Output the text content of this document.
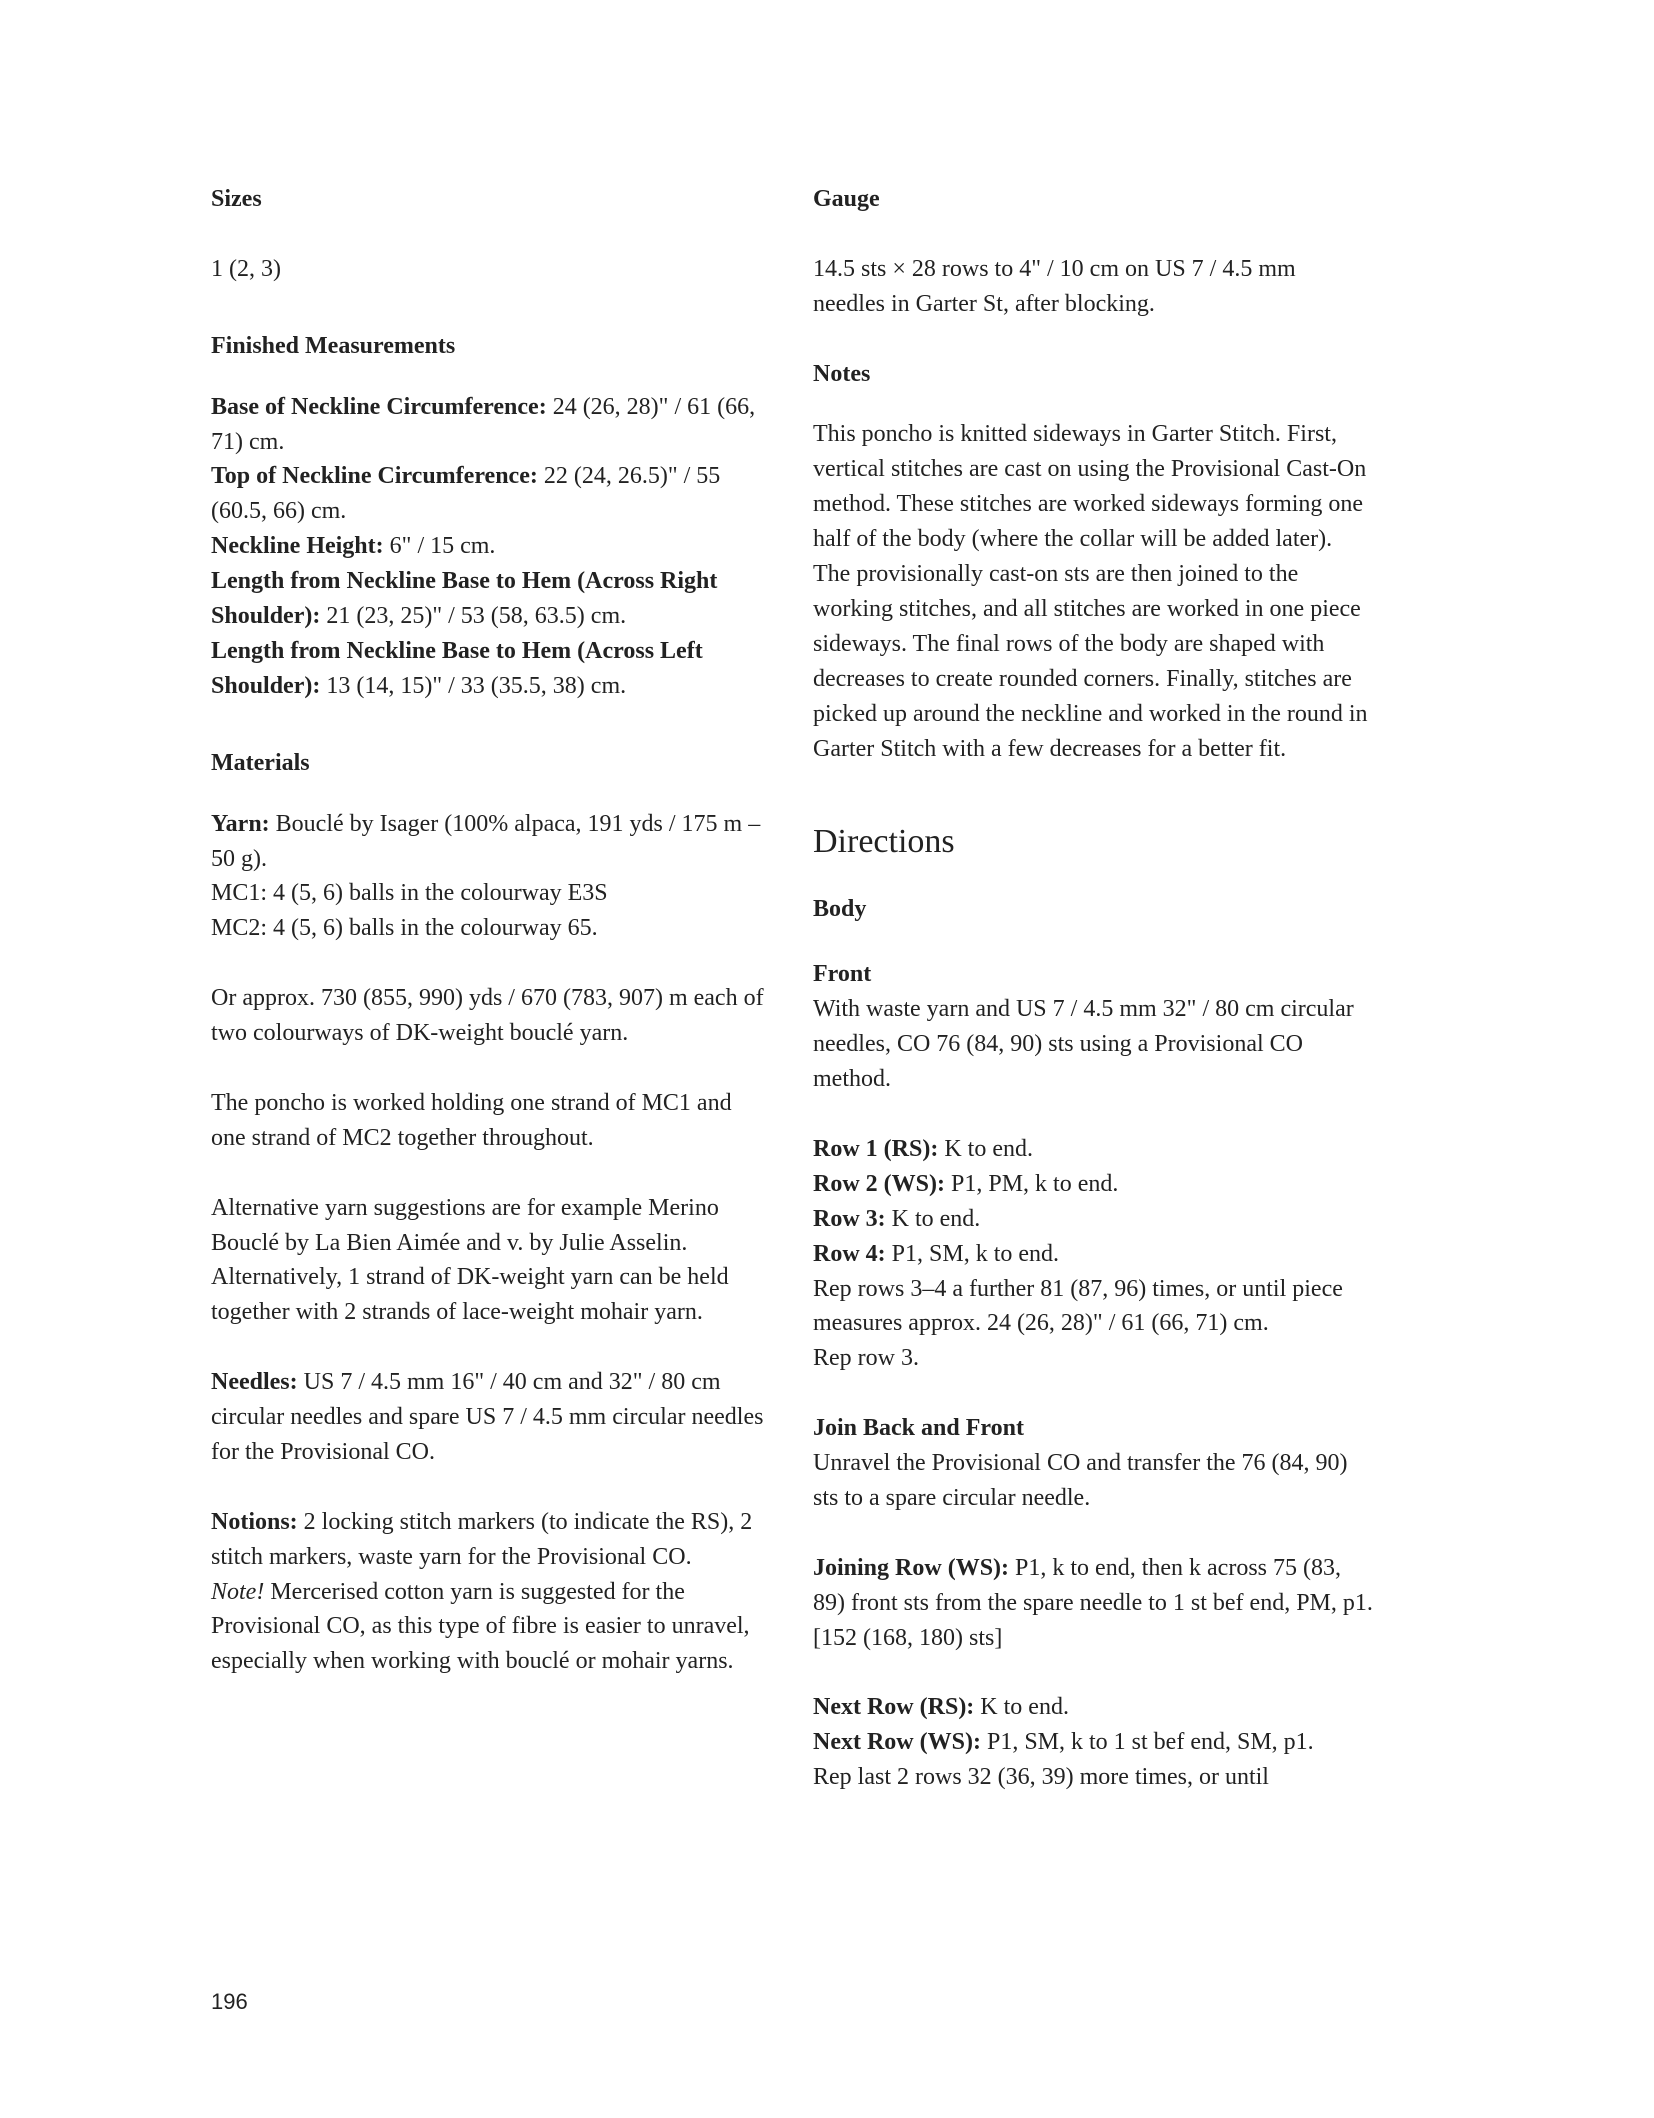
Sizes

1 (2, 3)

Finished Measurements

Base of Neckline Circumference: 24 (26, 28)" / 61 (66, 71) cm.

Top of Neckline Circumference: 22 (24, 26.5)" / 55 (60.5, 66) cm.

Neckline Height: 6" / 15 cm.

Length from Neckline Base to Hem (Across Right Shoulder): 21 (23, 25)" / 53 (58, 63.5) cm.

Length from Neckline Base to Hem (Across Left Shoulder): 13 (14, 15)" / 33 (35.5, 38) cm.

Materials

Yarn: Bouclé by Isager (100% alpaca, 191 yds / 175 m – 50 g).

MC1: 4 (5, 6) balls in the colourway E3S

MC2: 4 (5, 6) balls in the colourway 65.

Or approx. 730 (855, 990) yds / 670 (783, 907) m each of two colourways of DK-weight bouclé yarn.

The poncho is worked holding one strand of MC1 and one strand of MC2 together throughout.

Alternative yarn suggestions are for example Merino Bouclé by La Bien Aimée and v. by Julie Asselin. Alternatively, 1 strand of DK-weight yarn can be held together with 2 strands of lace-weight mohair yarn.

Needles: US 7 / 4.5 mm 16" / 40 cm and 32" / 80 cm circular needles and spare US 7 / 4.5 mm circular needles for the Provisional CO.

Notions: 2 locking stitch markers (to indicate the RS), 2 stitch markers, waste yarn for the Provisional CO.

Note! Mercerised cotton yarn is suggested for the Provisional CO, as this type of fibre is easier to unravel, especially when working with bouclé or mohair yarns.

Gauge

14.5 sts × 28 rows to 4" / 10 cm on US 7 / 4.5 mm needles in Garter St, after blocking.

Notes

This poncho is knitted sideways in Garter Stitch. First, vertical stitches are cast on using the Provisional Cast-On method. These stitches are worked sideways forming one half of the body (where the collar will be added later). The provisionally cast-on sts are then joined to the working stitches, and all stitches are worked in one piece sideways. The final rows of the body are shaped with decreases to create rounded corners. Finally, stitches are picked up around the neckline and worked in the round in Garter Stitch with a few decreases for a better fit.

Directions

Body

Front

With waste yarn and US 7 / 4.5 mm 32" / 80 cm circular needles, CO 76 (84, 90) sts using a Provisional CO method.

Row 1 (RS): K to end.

Row 2 (WS): P1, PM, k to end.

Row 3: K to end.

Row 4: P1, SM, k to end.

Rep rows 3–4 a further 81 (87, 96) times, or until piece measures approx. 24 (26, 28)" / 61 (66, 71) cm.

Rep row 3.

Join Back and Front

Unravel the Provisional CO and transfer the 76 (84, 90) sts to a spare circular needle.

Joining Row (WS): P1, k to end, then k across 75 (83, 89) front sts from the spare needle to 1 st bef end, PM, p1. [152 (168, 180) sts]

Next Row (RS): K to end.

Next Row (WS): P1, SM, k to 1 st bef end, SM, p1.

Rep last 2 rows 32 (36, 39) more times, or until

196
